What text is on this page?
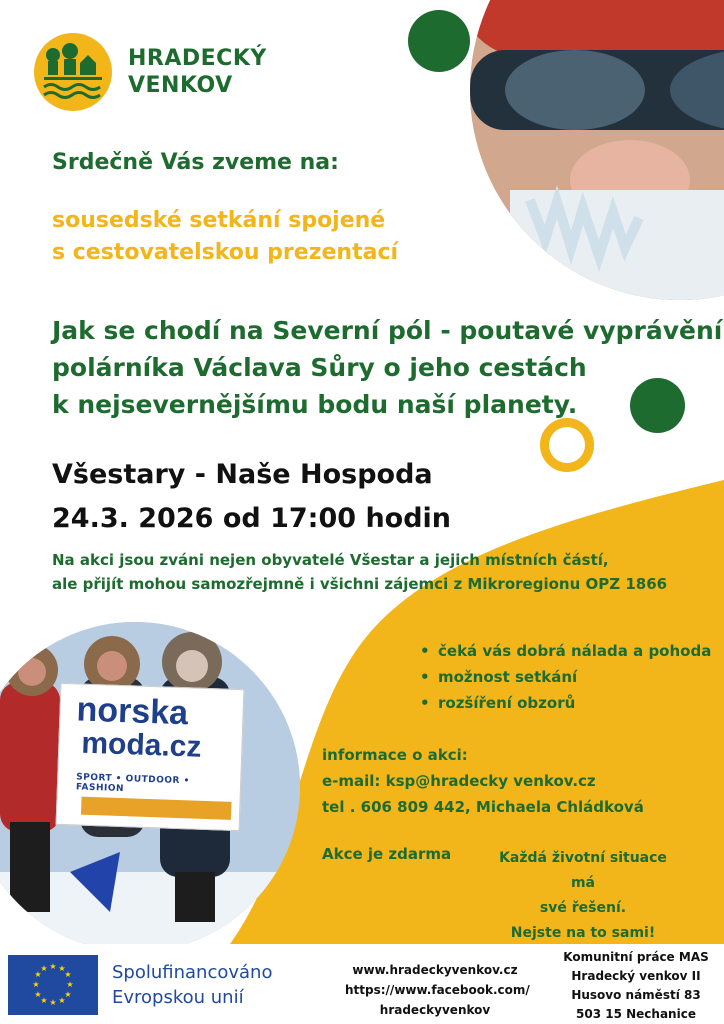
HRADECKÝ
VENKOV
Srdečně Vás zveme na:
sousedské setkání spojené
s cestovatelskou prezentací
Jak se chodí na Severní pól - poutavé vyprávění
polárníka Václava Sůry o jeho cestách
k nejsevernějšímu bodu naší planety.
Všestary - Naše Hospoda
24.3. 2026 od 17:00 hodin
Na akci jsou zváni nejen obyvatelé Všestar a jejich místních částí,
ale přijít mohou samozřejmně i všichni zájemci z Mikroregionu OPZ 1866
norska
moda.cz
SPORT • OUTDOOR • FASHION
• čeká vás dobrá nálada a pohoda
• možnost setkání
• rozšíření obzorů
informace o akci:
e-mail: ksp@hradecky venkov.cz
tel . 606 809 442, Michaela Chládková
Akce je zdarma	Každá životní situace má
své řešení.
Nejste na to sami!
★ ★
★
★
★
★
★
★
★
★
★
★	Spolufinancováno
Evropskou unií
www.hradeckyvenkov.cz
https://www.facebook.com/
hradeckyvenkov
Komunitní práce MAS
Hradecký venkov II
Husovo náměstí 83
503 15 Nechanice
